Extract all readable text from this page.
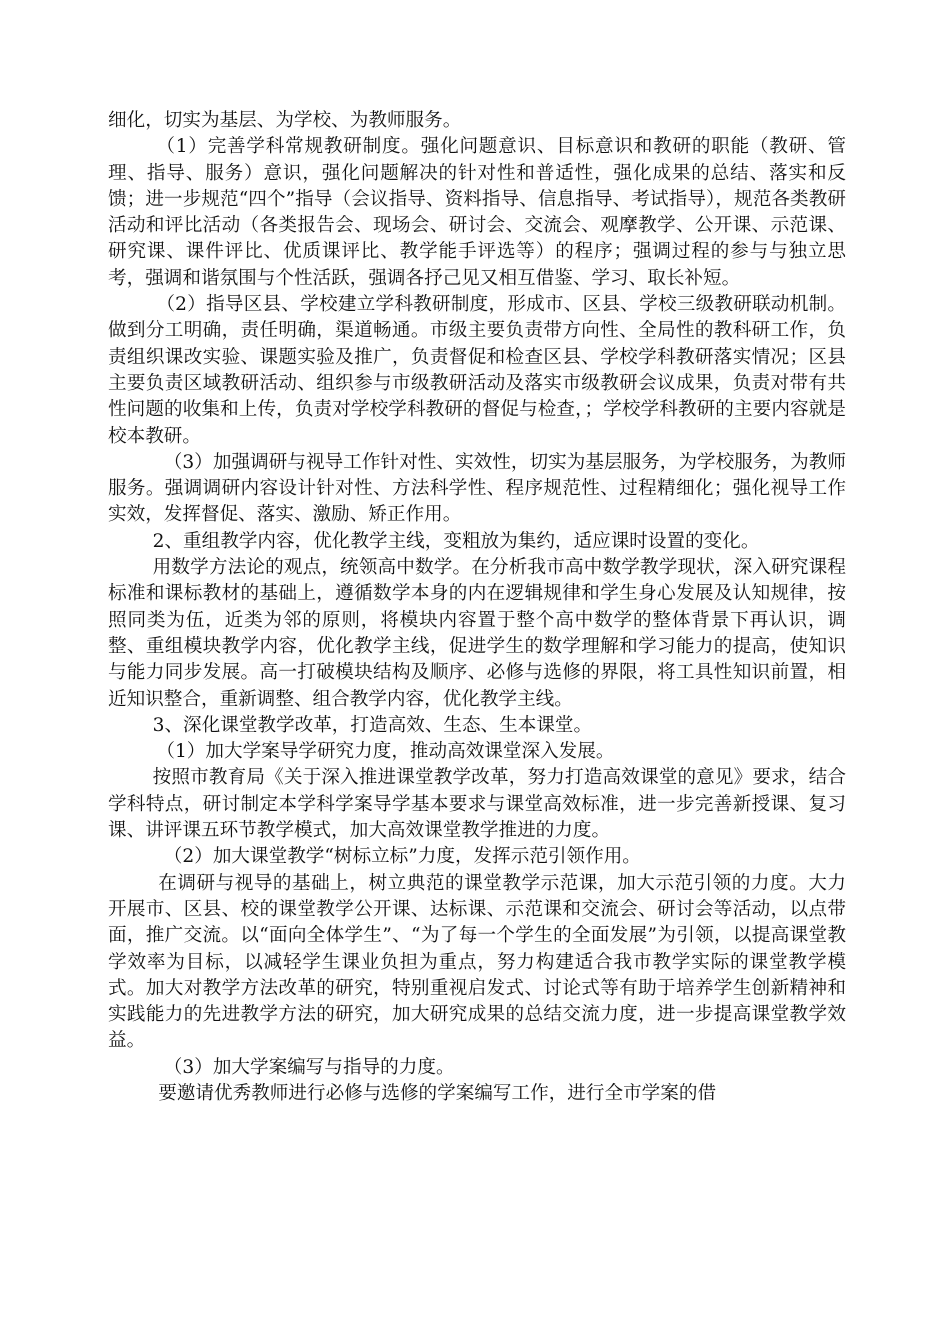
细化，切实为基层、为学校、为教师服务。

（1）完善学科常规教研制度。强化问题意识、目标意识和教研的职能（教研、管理、指导、服务）意识，强化问题解决的针对性和普适性，强化成果的总结、落实和反馈；进一步规范“四个”指导（会议指导、资料指导、信息指导、考试指导），规范各类教研活动和评比活动（各类报告会、现场会、研讨会、交流会、观摩教学、公开课、示范课、研究课、课件评比、优质课评比、教学能手评选等）的程序；强调过程的参与与独立思考，强调和谐氛围与个性活跃，强调各抒己见又相互借鉴、学习、取长补短。

（2）指导区县、学校建立学科教研制度，形成市、区县、学校三级教研联动机制。做到分工明确，责任明确，渠道畅通。市级主要负责带方向性、全局性的教科研工作，负责组织课改实验、课题实验及推广，负责督促和检查区县、学校学科教研落实情况；区县主要负责区域教研活动、组织参与市级教研活动及落实市级教研会议成果，负责对带有共性问题的收集和上传，负责对学校学科教研的督促与检查，；学校学科教研的主要内容就是校本教研。

（3）加强调研与视导工作针对性、实效性，切实为基层服务，为学校服务，为教师服务。强调调研内容设计针对性、方法科学性、程序规范性、过程精细化；强化视导工作实效，发挥督促、落实、激励、矫正作用。

2、重组教学内容，优化教学主线，变粗放为集约，适应课时设置的变化。

用数学方法论的观点，统领高中数学。在分析我市高中数学教学现状，深入研究课程标准和课标教材的基础上，遵循数学本身的内在逻辑规律和学生身心发展及认知规律，按照同类为伍，近类为邻的原则，将模块内容置于整个高中数学的整体背景下再认识，调整、重组模块教学内容，优化教学主线，促进学生的数学理解和学习能力的提高，使知识与能力同步发展。高一打破模块结构及顺序、必修与选修的界限，将工具性知识前置，相近知识整合，重新调整、组合教学内容，优化教学主线。

3、深化课堂教学改革，打造高效、生态、生本课堂。

（1）加大学案导学研究力度，推动高效课堂深入发展。

按照市教育局《关于深入推进课堂教学改革，努力打造高效课堂的意见》要求，结合学科特点，研讨制定本学科学案导学基本要求与课堂高效标准，进一步完善新授课、复习课、讲评课五环节教学模式，加大高效课堂教学推进的力度。

（2）加大课堂教学“树标立标”力度，发挥示范引领作用。

在调研与视导的基础上，树立典范的课堂教学示范课，加大示范引领的力度。大力开展市、区县、校的课堂教学公开课、达标课、示范课和交流会、研讨会等活动，以点带面，推广交流。以“面向全体学生”、“为了每一个学生的全面发展”为引领，以提高课堂教学效率为目标，以减轻学生课业负担为重点，努力构建适合我市教学实际的课堂教学模式。加大对教学方法改革的研究，特别重视启发式、讨论式等有助于培养学生创新精神和实践能力的先进教学方法的研究，加大研究成果的总结交流力度，进一步提高课堂教学效益。

（3）加大学案编写与指导的力度。

要邀请优秀教师进行必修与选修的学案编写工作，进行全市学案的借
